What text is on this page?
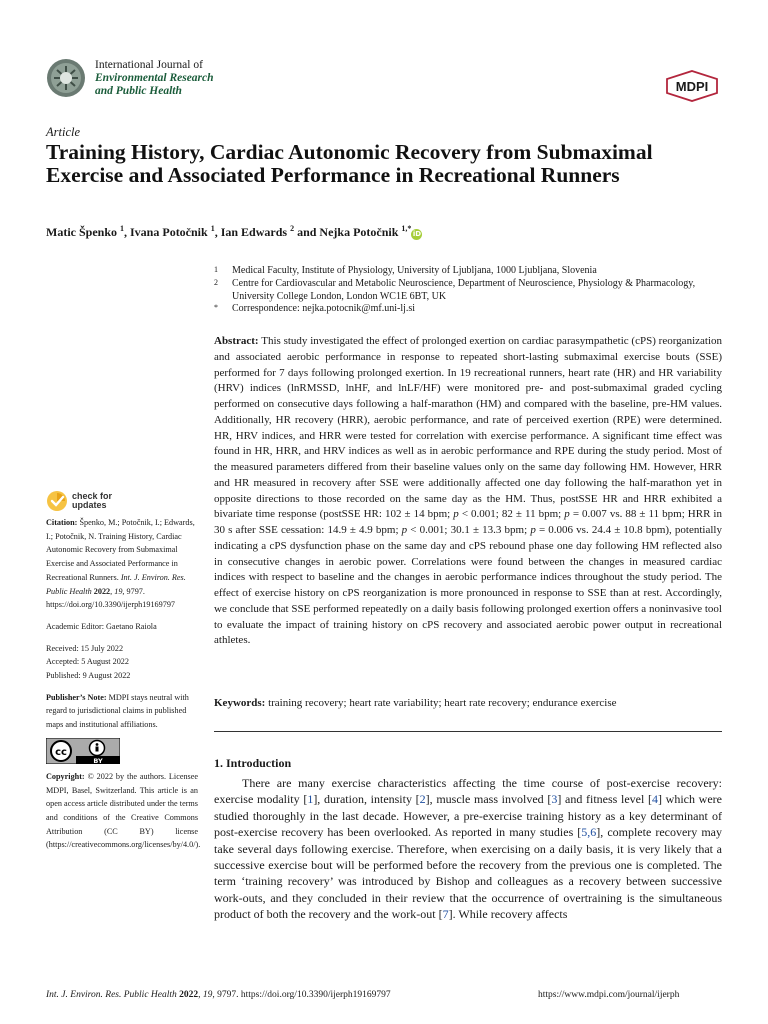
International Journal of
Environmental Research
and Public Health	MDPI
Article
Training History, Cardiac Autonomic Recovery from Submaximal Exercise and Associated Performance in Recreational Runners
Matic Špenko $^1$, Ivana Potočnik $^1$, Ian Edwards $^2$ and Nejka Potočnik $^{1,*}$iD
1	Medical Faculty, Institute of Physiology, University of Ljubljana, 1000 Ljubljana, Slovenia
2	Centre for Cardiovascular and Metabolic Neuroscience, Department of Neuroscience, Physiology & Pharmacology, University College London, London WC1E 6BT, UK
*	Correspondence: nejka.potocnik@mf.uni-lj.si
Abstract: This study investigated the effect of prolonged exertion on cardiac parasympathetic (cPS) reorganization and associated aerobic performance in response to repeated short-lasting submaximal exercise bouts (SSE) performed for 7 days following prolonged exertion. In 19 recreational runners, heart rate (HR) and HR variability (HRV) indices (lnRMSSD, lnHF, and lnLF/HF) were monitored pre- and post-submaximal graded cycling performed on consecutive days following a half-marathon (HM) and compared with the baseline, pre-HM values. Additionally, HR recovery (HRR), aerobic performance, and rate of perceived exertion (RPE) were determined. HR, HRV indices, and HRR were tested for correlation with exercise performance. A significant time effect was found in HR, HRR, and HRV indices as well as in aerobic performance and RPE during the study period. Most of the measured parameters differed from their baseline values only on the same day following HM. However, HRR and HR measured in recovery after SSE were additionally affected one day following the half-marathon yet in opposite directions to those recorded on the same day as the HM. Thus, postSSE HR and HRR exhibited a bivariate time response (postSSE HR: 102 ± 14 bpm; p < 0.001; 82 ± 11 bpm; p = 0.007 vs. 88 ± 11 bpm; HRR in 30 s after SSE cessation: 14.9 ± 4.9 bpm; p < 0.001; 30.1 ± 13.3 bpm; p = 0.006 vs. 24.4 ± 10.8 bpm), potentially indicating a cPS dysfunction phase on the same day and cPS rebound phase one day following HM reflected also in consecutive changes in aerobic power. Correlations were found between the changes in measured cardiac indices with respect to baseline and the changes in aerobic performance indices throughout the study period. The effect of exercise history on cPS reorganization is more pronounced in response to SSE than at rest. Accordingly, we conclude that SSE performed repeatedly on a daily basis following prolonged exertion offers a noninvasive tool to evaluate the impact of training history on cPS recovery and associated aerobic power output in recreational athletes.
Keywords: training recovery; heart rate variability; heart rate recovery; endurance exercise
1. Introduction
There are many exercise characteristics affecting the time course of post-exercise recovery: exercise modality [1], duration, intensity [2], muscle mass involved [3] and fitness level [4] which were studied thoroughly in the last decade. However, a pre-exercise training history as a key determinant of post-exercise recovery has been overlooked. As reported in many studies [5,6], complete recovery may take several days following exercise. Therefore, when exercising on a daily basis, it is very likely that a successive exercise bout will be performed before the recovery from the previous one is completed. The term ‘training recovery’ was introduced by Bishop and colleagues as a recovery between successive work-outs, and they concluded in their review that the occurrence of overtraining is the simultaneous product of both the recovery and the work-out [7]. While recovery affects
check for
updates
Citation: Špenko, M.; Potočnik, I.; Edwards, I.; Potočnik, N. Training History, Cardiac Autonomic Recovery from Submaximal Exercise and Associated Performance in Recreational Runners. Int. J. Environ. Res. Public Health 2022, 19, 9797. https://doi.org/10.3390/ijerph19169797
Academic Editor: Gaetano Raiola
Received: 15 July 2022
Accepted: 5 August 2022
Published: 9 August 2022
Publisher’s Note: MDPI stays neutral with regard to jurisdictional claims in published maps and institutional affiliations.
cc
BY
Copyright: © 2022 by the authors. Licensee MDPI, Basel, Switzerland. This article is an open access article distributed under the terms and conditions of the Creative Commons Attribution (CC BY) license (https://creativecommons.org/licenses/by/4.0/).
Int. J. Environ. Res. Public Health 2022, 19, 9797. https://doi.org/10.3390/ijerph19169797	https://www.mdpi.com/journal/ijerph
